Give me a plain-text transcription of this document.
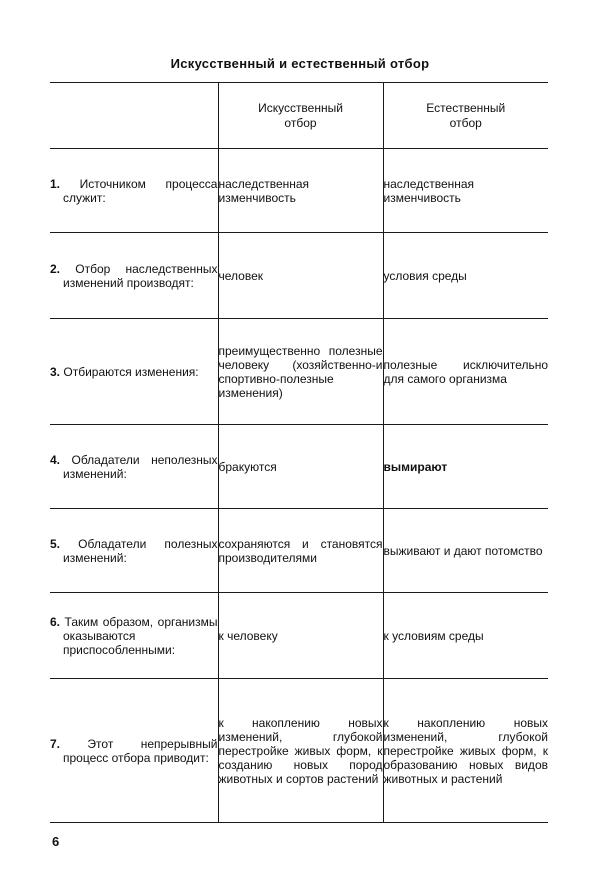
Искусственный и естественный отбор

	Искусственный отбор	Естественный отбор

1. Источником процесса служит:	наследственная изменчивость	наследственная изменчивость

2. Отбор наследственных изменений производят:	человек	условия среды

3. Отбираются изменения:	преимущественно полезные человеку (хозяйственно-и спортивно-полезные изменения)	полезные исключительно для самого организма

4. Обладатели неполезных изменений:	бракуются	вымирают

5. Обладатели полезных изменений:	сохраняются и становятся производителями	выживают и дают потомство

6. Таким образом, организмы оказываются приспособленными:	к человеку	к условиям среды

7. Этот непрерывный процесс отбора приводит:	к накоплению новых изменений, глубокой перестройке живых форм, к созданию новых пород животных и сортов растений	к накоплению новых изменений, глубокой перестройке живых форм, к образованию новых видов животных и растений
6
